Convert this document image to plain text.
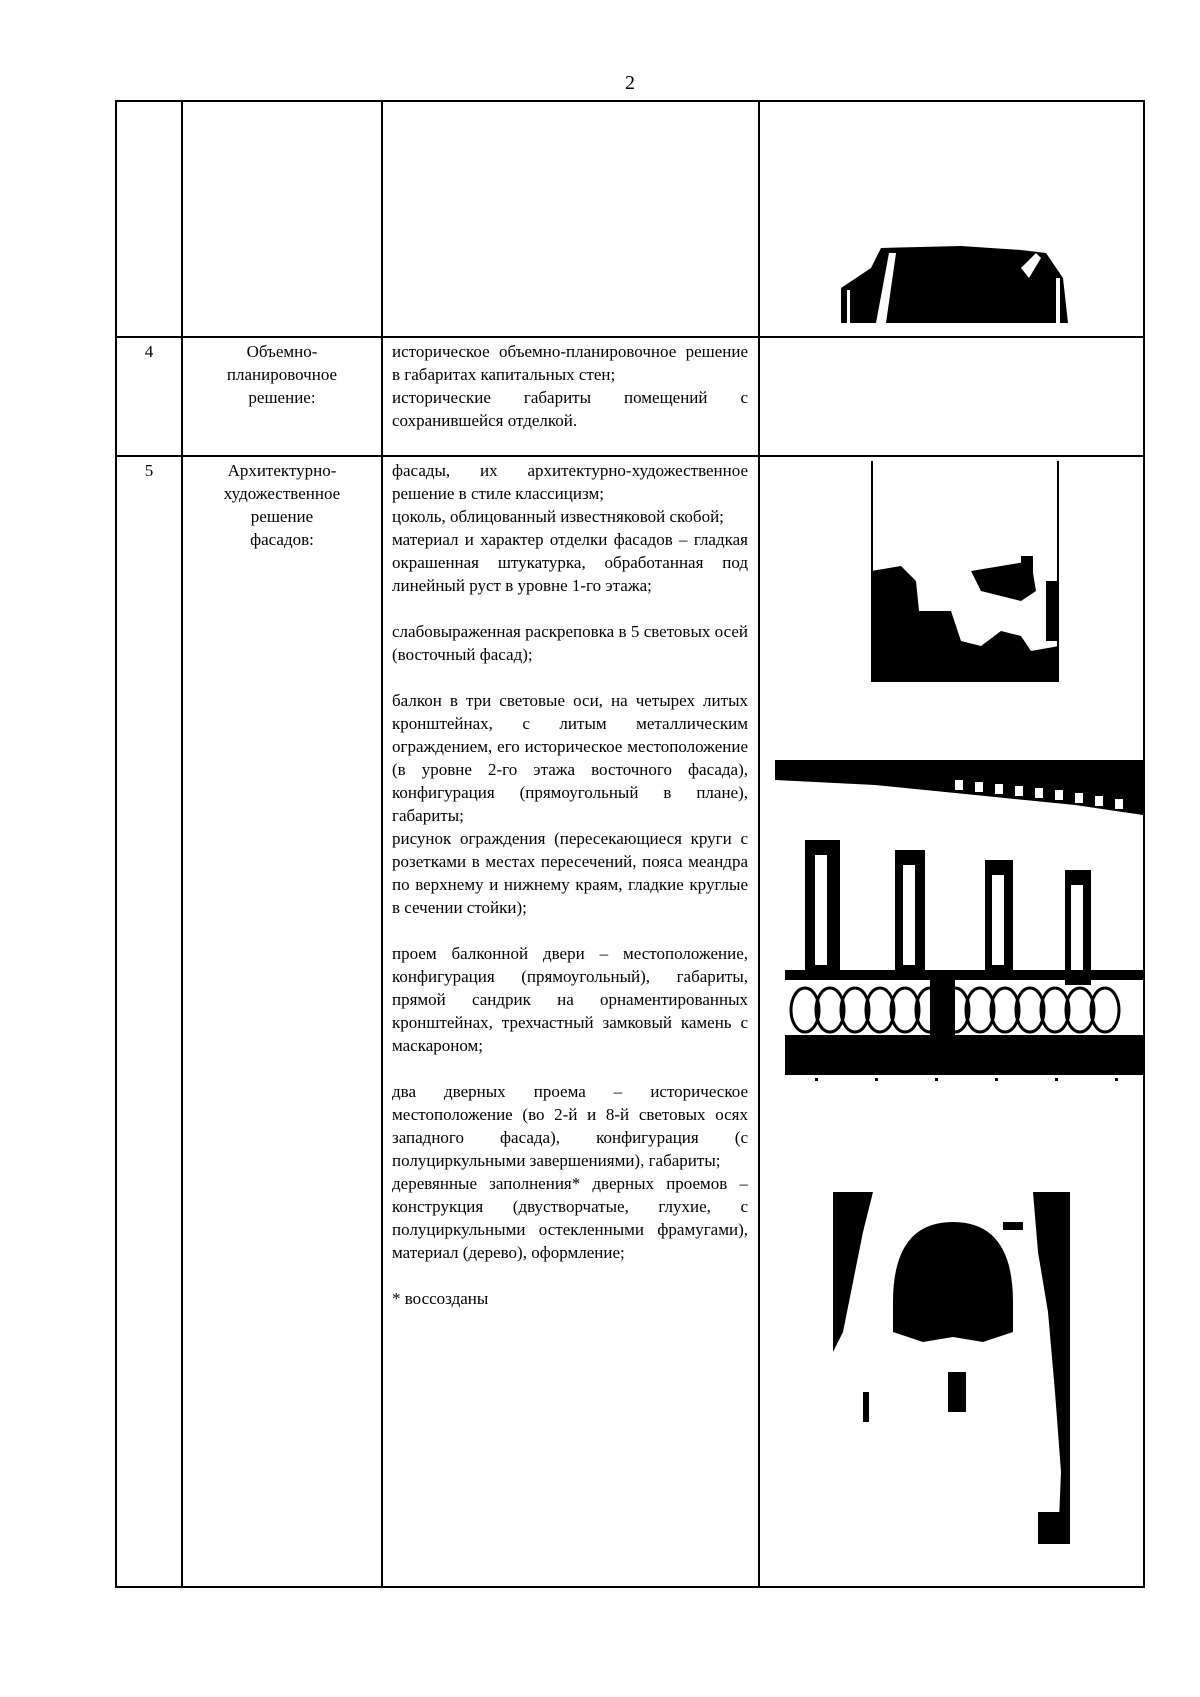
2
4	Объемно-
планировочное
решение:

историческое объемно-планировочное решение в габаритах капитальных стен;

исторические габариты помещений с сохранившейся отделкой.

5	Архитектурно-
художественное
решение
фасадов:

фасады, их архитектурно-художественное решение в стиле классицизм;

цоколь, облицованный известняковой скобой;

материал и характер отделки фасадов – гладкая окрашенная штукатурка, обработанная под линейный руст в уровне 1-го этажа;

слабовыраженная раскреповка в 5 световых осей (восточный фасад);

балкон в три световые оси, на четырех литых кронштейнах, с литым металлическим ограждением, его историческое местоположение (в уровне 2-го этажа восточного фасада), конфигурация (прямоугольный в плане), габариты;

рисунок ограждения (пересекающиеся круги с розетками в местах пересечений, пояса меандра по верхнему и нижнему краям, гладкие круглые в сечении стойки);

проем балконной двери – местоположение, конфигурация (прямоугольный), габариты, прямой сандрик на орнаментированных кронштейнах, трехчастный замковый камень с маскароном;

два дверных проема – историческое местоположение (во 2-й и 8-й световых осях западного фасада), конфигурация (с полуциркульными завершениями), габариты;

деревянные заполнения* дверных проемов – конструкция (двустворчатые, глухие, с полуциркульными остекленными фрамугами), материал (дерево), оформление;

* воссозданы
